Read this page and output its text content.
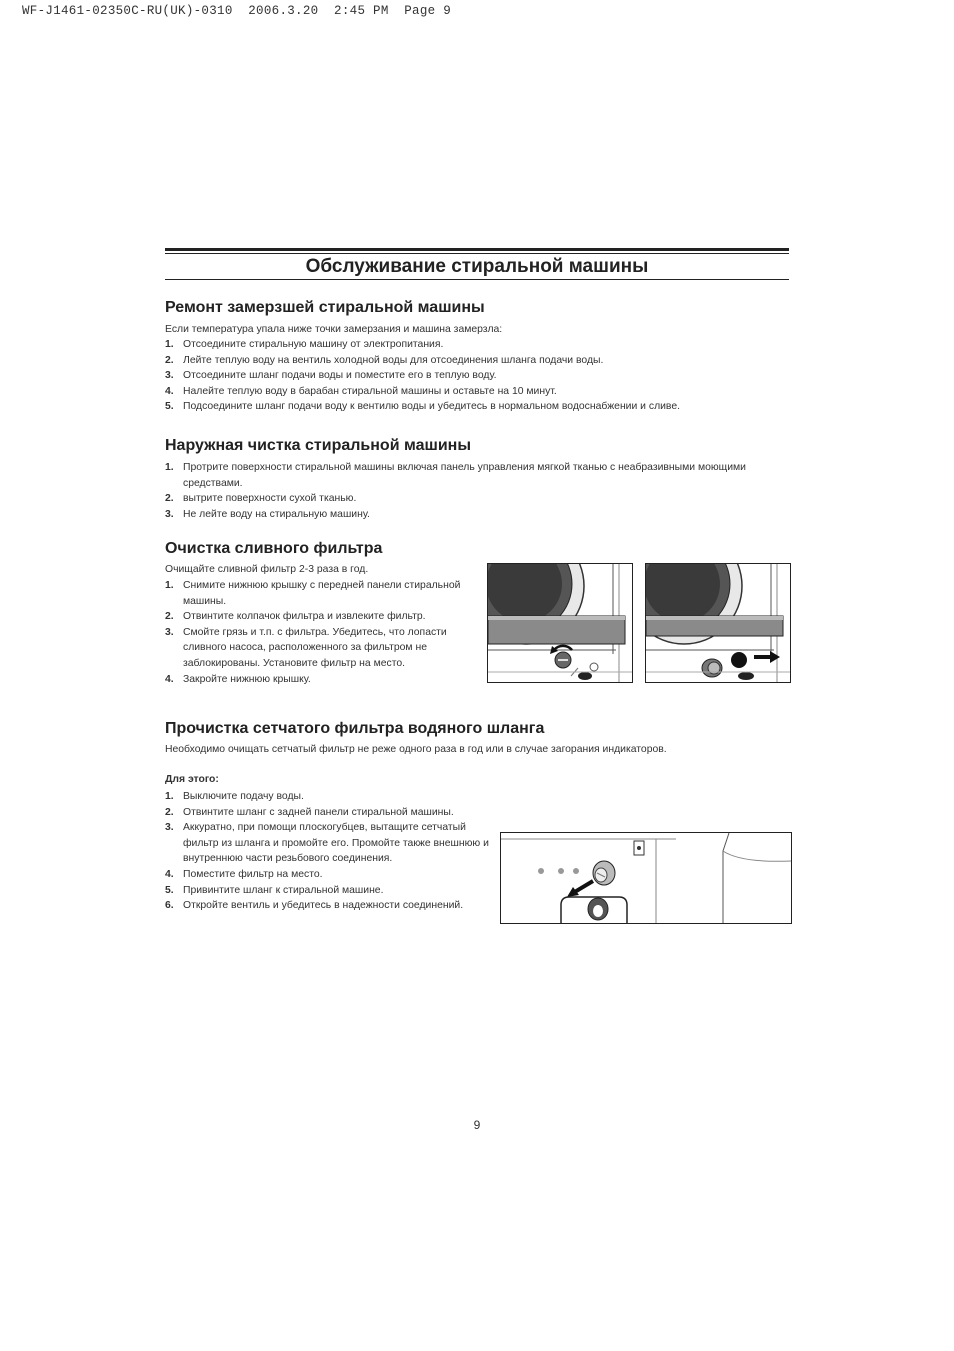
WF-J1461-02350C-RU(UK)-0310  2006.3.20  2:45 PM  Page 9
Обслуживание стиральной машины
Ремонт замерзшей стиральной машины
Если температура упала ниже точки замерзания и машина замерзла:
1. Отсоедините стиральную машину от электропитания.
2. Лейте теплую воду на вентиль холодной воды для отсоединения шланга подачи воды.
3. Отсоедините шланг подачи воды и поместите его в теплую воду.
4. Налейте теплую воду в барабан стиральной машины и оставьте на 10 минут.
5. Подсоедините шланг подачи воду к вентилю воды и убедитесь в нормальном водоснабжении и сливе.
Наружная чистка стиральной машины
1. Протрите поверхности стиральной машины включая панель управления мягкой тканью с неабразивными моющими средствами.
2. вытрите поверхности сухой тканью.
3. Не лейте воду на стиральную машину.
Очистка сливного фильтра
Очищайте сливной фильтр 2-3 раза в год.
1. Снимите нижнюю крышку с передней панели стиральной машины.
2. Отвинтите колпачок фильтра и извлеките фильтр.
3. Смойте грязь и т.п. с фильтра. Убедитесь, что лопасти сливного насоса, расположенного за фильтром не заблокированы. Установите фильтр на место.
4. Закройте нижнюю крышку.
Прочистка сетчатого фильтра водяного шланга
Необходимо очищать сетчатый фильтр не реже одного раза в год или в случае загорания индикаторов.
Для этого:
1. Выключите подачу воды.
2. Отвинтите шланг с задней панели стиральной машины.
3. Аккуратно, при помощи плоскогубцев, вытащите сетчатый фильтр из шланга и промойте его. Промойте также внешнюю и внутреннюю части резьбового соединения.
4. Поместите фильтр на место.
5. Привинтите шланг к стиральной машине.
6. Откройте вентиль и убедитесь в надежности соединений.
9
